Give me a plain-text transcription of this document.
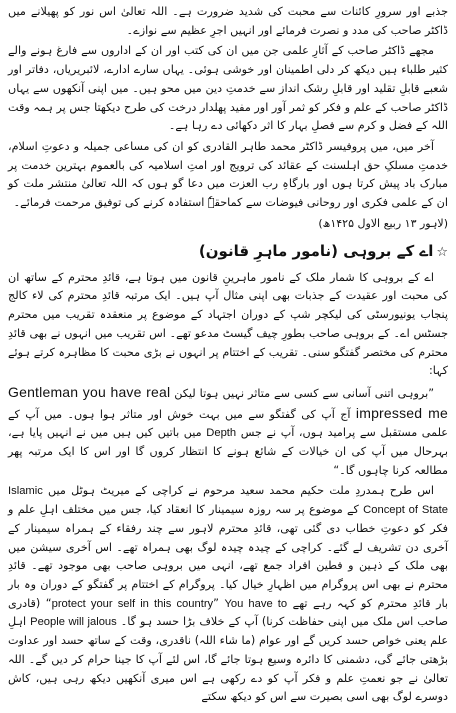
جذبے اور سرورِ کائنات سے محبت کی شدید ضرورت ہے۔ اللہ تعالیٰ اس نور کو پھیلانے میں ڈاکٹر صاحب کی مدد و نصرت فرمائے اور انہیں اجرِ عظیم سے نوازے۔

مجھے ڈاکٹر صاحب کے آثارِ علمی جن میں ان کی کتب اور ان کے اداروں سے فارغ ہونے والے کثیر طلباء ہیں دیکھ کر دلی اطمینان اور خوشی ہوئی۔ یہاں سارے ادارے، لائبریریاں، دفاتر اور شعبے قابلِ تقلید اور قابلِ رشک انداز سے خدمتِ دین میں محو ہیں۔ میں اپنی آنکھوں سے یہاں ڈاکٹر صاحب کے علم و فکر کو ثمر آور اور مفید پھلدار درخت کی طرح دیکھتا جس پر ہمہ وقت اللہ کے فضل و کرم سے فصلِ بہار کا اثر دکھائی دے رہا ہے۔

آخر میں، میں پروفیسر ڈاکٹر محمد طاہر القادری کو ان کی مساعی جمیلہ و دعوتِ اسلام، خدمتِ مسلکِ حق اہلسنت کے عقائد کی ترویج اور امتِ اسلامیہ کی بالعموم بہترین خدمت پر مبارک باد پیش کرتا ہوں اور بارگاہِ رب العزت میں دعا گو ہوں کہ اللہ تعالیٰ منتشر ملت کو ان کے علمی فکری اور روحانی فیوضات سے کماحقہٗ استفادہ کرنے کی توفیق مرحمت فرمائے۔

(لاہور ۱۳ ربیع الاول ۱۴۲۵ھ)
☆اے کے بروہی (نامور ماہرِ قانون)

اے کے بروہی کا شمار ملک کے نامور ماہرینِ قانون میں ہوتا ہے، قائدِ محترم کے ساتھ ان کی محبت اور عقیدت کے جذبات بھی اپنی مثال آپ ہیں۔ ایک مرتبہ قائدِ محترم کی لاء کالج پنجاب یونیورسٹی کی لیکچر شپ کے دوران اجتہاد کے موضوع پر منعقدہ تقریب میں محترم جسٹس اے۔ کے بروہی صاحب بطورِ چیف گیسٹ مدعو تھے۔ اس تقریب میں انہوں نے بھی قائدِ محترم کی مختصر گفتگو سنی۔ تقریب کے اختتام پر انہوں نے بڑی محبت کا مظاہرہ کرتے ہوئے کہا:

”بروہی اتنی آسانی سے کسی سے متاثر نہیں ہوتا لیکن Gentleman you have real impressed me آج آپ کی گفتگو سے میں بہت خوش اور متاثر ہوا ہوں۔ میں آپ کے علمی مستقبل سے پرامید ہوں، آپ نے جس Depth میں باتیں کیں ہیں میں نے انہیں پایا ہے، بہرحال میں آپ کی ان خیالات کے شائع ہونے کا انتظار کروں گا اور اس کا ایک مرتبہ پھر مطالعہ کرنا چاہوں گا۔“

اس طرح ہمدردِ ملت حکیم محمد سعید مرحوم نے کراچی کے میریٹ ہوٹل میں Islamic Concept of State کے موضوع پر سہ روزہ سیمینار کا انعقاد کیا، جس میں مختلف اہلِ علم و فکر کو دعوتِ خطاب دی گئی تھی، قائدِ محترم لاہور سے چند رفقاء کے ہمراہ سیمینار کے آخری دن تشریف لے گئے۔ کراچی کے چیدہ چیدہ لوگ بھی ہمراہ تھے۔ اس آخری سیشن میں بھی ملک کے ذہین و فطین افراد جمع تھے، انہی میں بروہی صاحب بھی موجود تھے۔ قائدِ محترم نے بھی اس پروگرام میں اظہارِ خیال کیا۔ پروگرام کے اختتام پر گفتگو کے دوران وہ بار بار قائدِ محترم کو کہہ رہے تھے You have to ”protect your self in this country“ (قادری صاحب اس ملک میں اپنی حفاظت کرنا) آپ کے خلاف بڑا حسد ہو گا۔ People will jalous اہلِ علم یعنی خواص حسد کریں گے اور عوام (ما شاء اللہ) ناقدری، وقت کے ساتھ حسد اور عداوت بڑھتی جائے گی، دشمنی کا دائرہ وسیع ہوتا جائے گا، اس لئے آپ کا جینا حرام کر دیں گے۔ اللہ تعالیٰ نے جو نعمتِ علم و فکر آپ کو دے رکھی ہے اس میری آنکھیں دیکھ رہی ہیں، کاش دوسرے لوگ بھی اسی بصیرت سے اس کو دیکھ سکتے
